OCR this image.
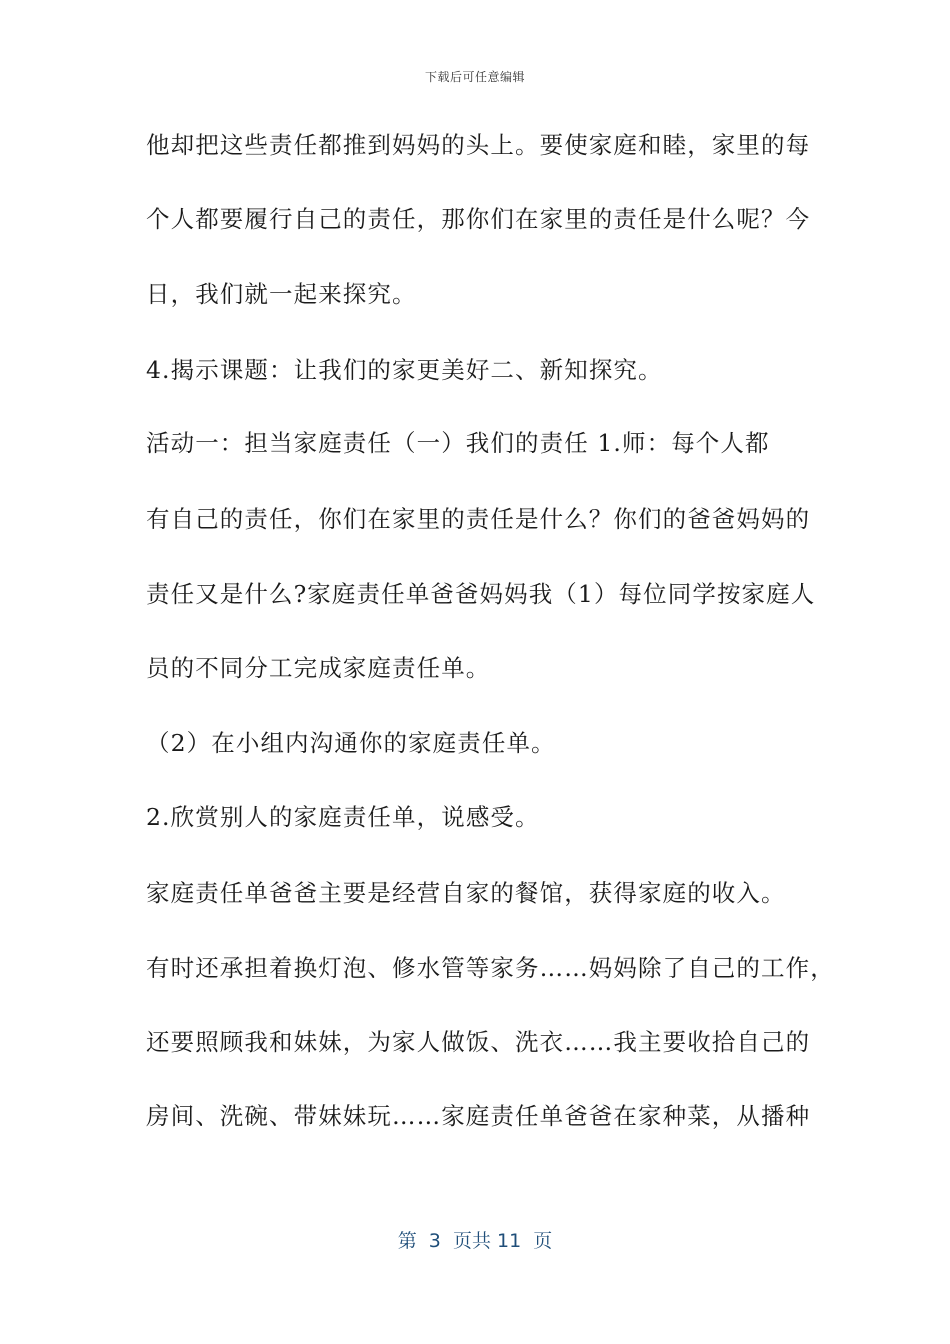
下载后可任意编辑
他却把这些责任都推到妈妈的头上。要使家庭和睦，家里的每
个人都要履行自己的责任，那你们在家里的责任是什么呢？今
日，我们就一起来探究。
4.揭示课题：让我们的家更美好二、新知探究。
活动一：担当家庭责任（一）我们的责任 1.师：每个人都
有自己的责任，你们在家里的责任是什么？你们的爸爸妈妈的
责任又是什么?家庭责任单爸爸妈妈我（1）每位同学按家庭人
员的不同分工完成家庭责任单。
（2）在小组内沟通你的家庭责任单。
2.欣赏别人的家庭责任单，说感受。
家庭责任单爸爸主要是经营自家的餐馆，获得家庭的收入。
有时还承担着换灯泡、修水管等家务……妈妈除了自己的工作，
还要照顾我和妹妹，为家人做饭、洗衣……我主要收拾自己的
房间、洗碗、带妹妹玩……家庭责任单爸爸在家种菜，从播种
第  3  页共 11  页
